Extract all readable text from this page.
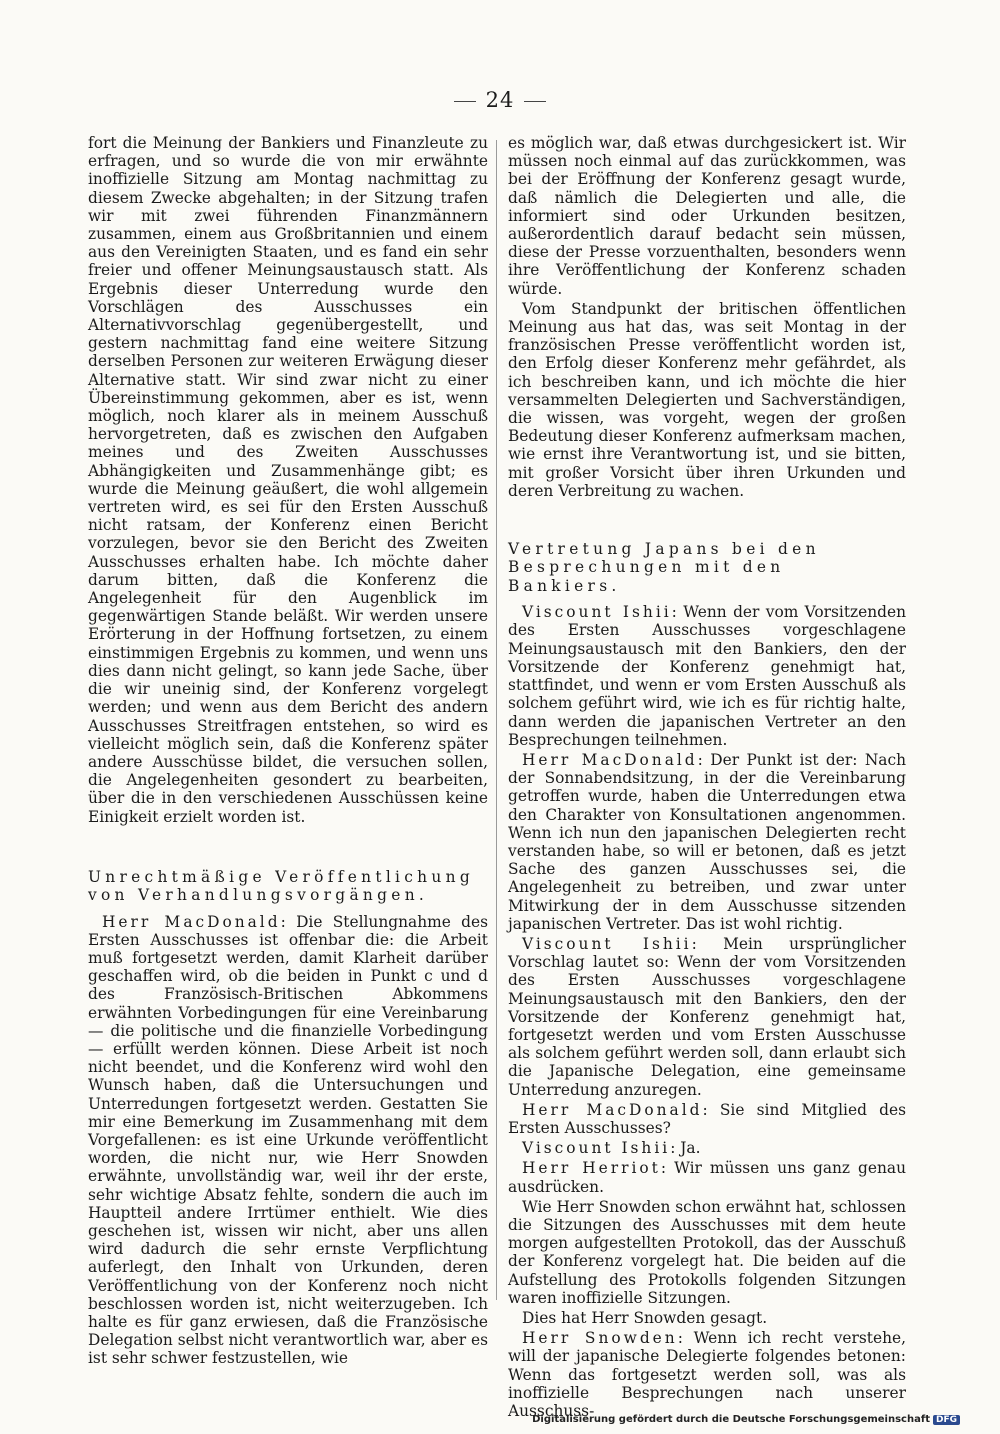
24

fort die Meinung der Bankiers und Finanzleute zu erfragen, und so wurde die von mir erwähnte inoffizielle Sitzung am Montag nachmittag zu diesem Zwecke abgehalten; in der Sitzung trafen wir mit zwei führenden Finanzmännern zusammen, einem aus Großbritannien und einem aus den Vereinigten Staaten, und es fand ein sehr freier und offener Meinungsaustausch statt. Als Ergebnis dieser Unterredung wurde den Vorschlägen des Ausschusses ein Alternativvorschlag gegenübergestellt, und gestern nachmittag fand eine weitere Sitzung derselben Personen zur weiteren Erwägung dieser Alternative statt. Wir sind zwar nicht zu einer Übereinstimmung gekommen, aber es ist, wenn möglich, noch klarer als in meinem Ausschuß hervorgetreten, daß es zwischen den Aufgaben meines und des Zweiten Ausschusses Abhängigkeiten und Zusammenhänge gibt; es wurde die Meinung geäußert, die wohl allgemein vertreten wird, es sei für den Ersten Ausschuß nicht ratsam, der Konferenz einen Bericht vorzulegen, bevor sie den Bericht des Zweiten Ausschusses erhalten habe. Ich möchte daher darum bitten, daß die Konferenz die Angelegenheit für den Augenblick im gegenwärtigen Stande beläßt. Wir werden unsere Erörterung in der Hoffnung fortsetzen, zu einem einstimmigen Ergebnis zu kommen, und wenn uns dies dann nicht gelingt, so kann jede Sache, über die wir uneinig sind, der Konferenz vorgelegt werden; und wenn aus dem Bericht des andern Ausschusses Streitfragen entstehen, so wird es vielleicht möglich sein, daß die Konferenz später andere Ausschüsse bildet, die versuchen sollen, die Angelegenheiten gesondert zu bearbeiten, über die in den verschiedenen Ausschüssen keine Einigkeit erzielt worden ist.

Unrechtmäßige Veröffentlichung von Verhandlungsvorgängen.

Herr MacDonald: Die Stellungnahme des Ersten Ausschusses ist offenbar die: die Arbeit muß fortgesetzt werden, damit Klarheit darüber geschaffen wird, ob die beiden in Punkt c und d des Französisch-Britischen Abkommens erwähnten Vorbedingungen für eine Vereinbarung — die politische und die finanzielle Vorbedingung — erfüllt werden können. Diese Arbeit ist noch nicht beendet, und die Konferenz wird wohl den Wunsch haben, daß die Untersuchungen und Unterredungen fortgesetzt werden. Gestatten Sie mir eine Bemerkung im Zusammenhang mit dem Vorgefallenen: es ist eine Urkunde veröffentlicht worden, die nicht nur, wie Herr Snowden erwähnte, unvollständig war, weil ihr der erste, sehr wichtige Absatz fehlte, sondern die auch im Hauptteil andere Irrtümer enthielt. Wie dies geschehen ist, wissen wir nicht, aber uns allen wird dadurch die sehr ernste Verpflichtung auferlegt, den Inhalt von Urkunden, deren Veröffentlichung von der Konferenz noch nicht beschlossen worden ist, nicht weiterzugeben. Ich halte es für ganz erwiesen, daß die Französische Delegation selbst nicht verantwortlich war, aber es ist sehr schwer festzustellen, wie

es möglich war, daß etwas durchgesickert ist. Wir müssen noch einmal auf das zurückkommen, was bei der Eröffnung der Konferenz gesagt wurde, daß nämlich die Delegierten und alle, die informiert sind oder Urkunden besitzen, außerordentlich darauf bedacht sein müssen, diese der Presse vorzuenthalten, besonders wenn ihre Veröffentlichung der Konferenz schaden würde.

Vom Standpunkt der britischen öffentlichen Meinung aus hat das, was seit Montag in der französischen Presse veröffentlicht worden ist, den Erfolg dieser Konferenz mehr gefährdet, als ich beschreiben kann, und ich möchte die hier versammelten Delegierten und Sachverständigen, die wissen, was vorgeht, wegen der großen Bedeutung dieser Konferenz aufmerksam machen, wie ernst ihre Verantwortung ist, und sie bitten, mit großer Vorsicht über ihren Urkunden und deren Verbreitung zu wachen.

Vertretung Japans bei den Besprechungen mit den Bankiers.

Viscount Ishii: Wenn der vom Vorsitzenden des Ersten Ausschusses vorgeschlagene Meinungsaustausch mit den Bankiers, den der Vorsitzende der Konferenz genehmigt hat, stattfindet, und wenn er vom Ersten Ausschuß als solchem geführt wird, wie ich es für richtig halte, dann werden die japanischen Vertreter an den Besprechungen teilnehmen.

Herr MacDonald: Der Punkt ist der: Nach der Sonnabendsitzung, in der die Vereinbarung getroffen wurde, haben die Unterredungen etwa den Charakter von Konsultationen angenommen. Wenn ich nun den japanischen Delegierten recht verstanden habe, so will er betonen, daß es jetzt Sache des ganzen Ausschusses sei, die Angelegenheit zu betreiben, und zwar unter Mitwirkung der in dem Ausschusse sitzenden japanischen Vertreter. Das ist wohl richtig.

Viscount Ishii: Mein ursprünglicher Vorschlag lautet so: Wenn der vom Vorsitzenden des Ersten Ausschusses vorgeschlagene Meinungsaustausch mit den Bankiers, den der Vorsitzende der Konferenz genehmigt hat, fortgesetzt werden und vom Ersten Ausschusse als solchem geführt werden soll, dann erlaubt sich die Japanische Delegation, eine gemeinsame Unterredung anzuregen.

Herr MacDonald: Sie sind Mitglied des Ersten Ausschusses?

Viscount Ishii: Ja.

Herr Herriot: Wir müssen uns ganz genau ausdrücken.

Wie Herr Snowden schon erwähnt hat, schlossen die Sitzungen des Ausschusses mit dem heute morgen aufgestellten Protokoll, das der Ausschuß der Konferenz vorgelegt hat. Die beiden auf die Aufstellung des Protokolls folgenden Sitzungen waren inoffizielle Sitzungen.

Dies hat Herr Snowden gesagt.

Herr Snowden: Wenn ich recht verstehe, will der japanische Delegierte folgendes betonen: Wenn das fortgesetzt werden soll, was als inoffizielle Besprechungen nach unserer Ausschuss-

Digitalisierung gefördert durch die Deutsche Forschungsgemeinschaft DFG
